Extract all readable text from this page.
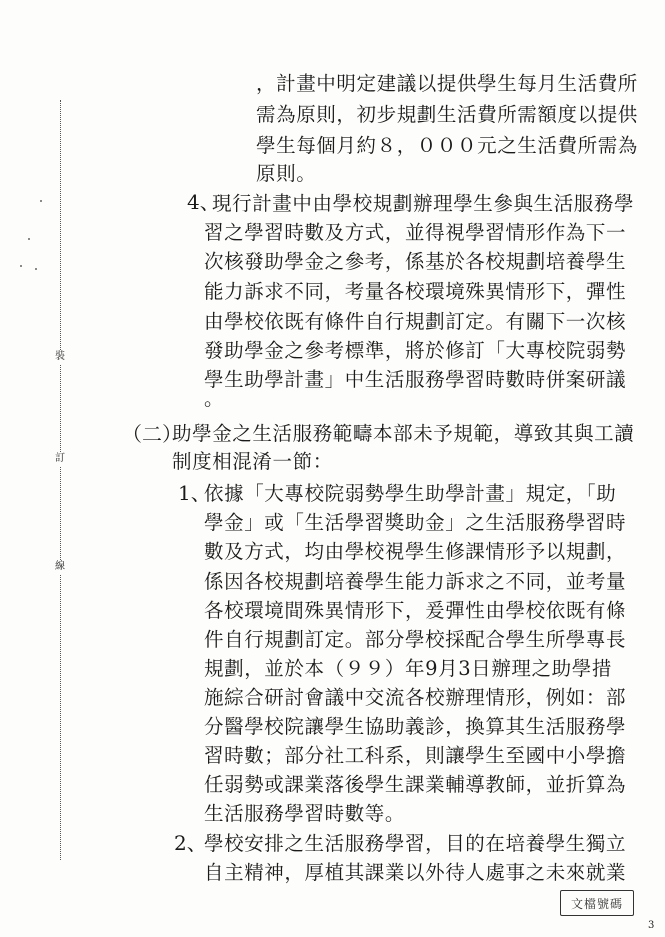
裝
訂
線
，計畫中明定建議以提供學生每月生活費所
需為原則，初步規劃生活費所需額度以提供
學生每個月約８，０００元之生活費所需為
原則。
4、
現行計畫中由學校規劃辦理學生參與生活服務學
習之學習時數及方式，並得視學習情形作為下一
次核發助學金之參考，係基於各校規劃培養學生
能力訴求不同，考量各校環境殊異情形下，彈性
由學校依既有條件自行規劃訂定。有關下一次核
發助學金之參考標準，將於修訂「大專校院弱勢
學生助學計畫」中生活服務學習時數時併案研議
。
（二）
助學金之生活服務範疇本部未予規範，導致其與工讀
制度相混淆一節：
1、
依據「大專校院弱勢學生助學計畫」規定，「助
學金」或「生活學習獎助金」之生活服務學習時
數及方式，均由學校視學生修課情形予以規劃，
係因各校規劃培養學生能力訴求之不同，並考量
各校環境間殊異情形下，爰彈性由學校依既有條
件自行規劃訂定。部分學校採配合學生所學專長
規劃，並於本（９９）年9月3日辦理之助學措
施綜合研討會議中交流各校辦理情形，例如：部
分醫學校院讓學生協助義診，換算其生活服務學
習時數；部分社工科系，則讓學生至國中小學擔
任弱勢或課業落後學生課業輔導教師，並折算為
生活服務學習時數等。
2、
學校安排之生活服務學習，目的在培養學生獨立
自主精神，厚植其課業以外待人處事之未來就業
文檔號碼
3
